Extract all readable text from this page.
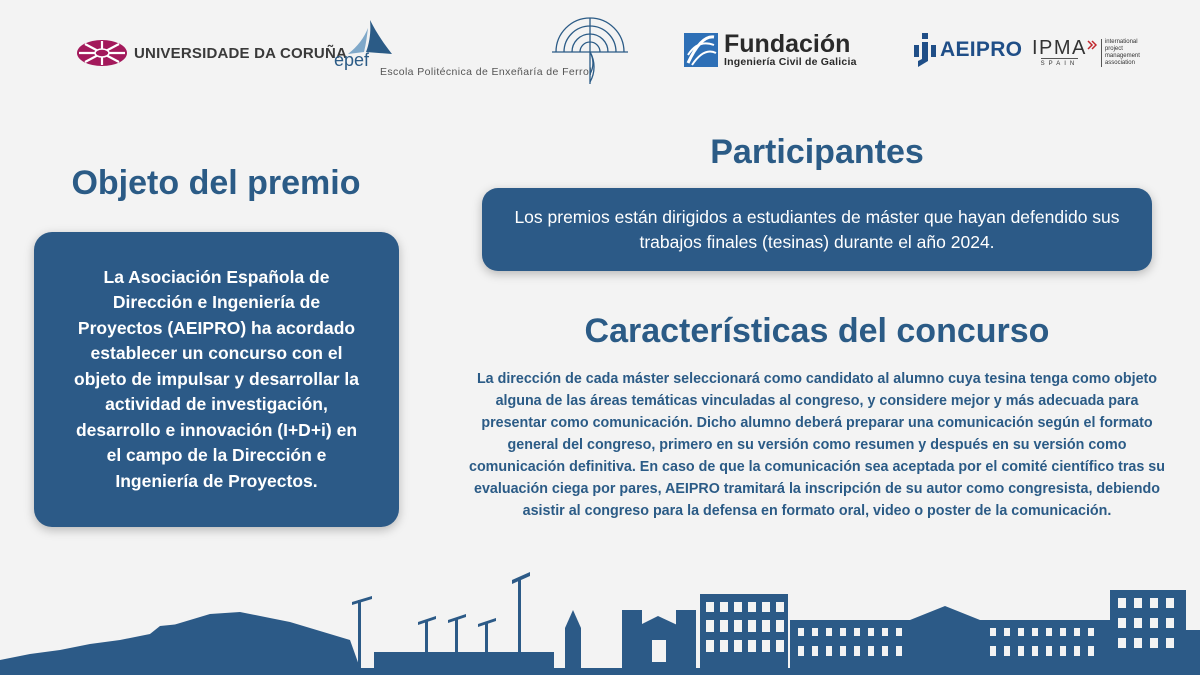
UNIVERSIDADE DA CORUÑA
epef
Escola Politécnica de Enxeñaría de Ferrol
Fundación
Ingeniería Civil de Galicia
AEIPRO IPMA
SPAIN
international project management association
Objeto del premio

La Asociación Española de Dirección e Ingeniería de Proyectos (AEIPRO) ha acordado establecer un concurso con el objeto de impulsar y desarrollar la actividad de investigación, desarrollo e innovación (I+D+i) en el campo de la Dirección e Ingeniería de Proyectos.

Participantes

Los premios están dirigidos a estudiantes de máster que hayan defendido sus trabajos finales (tesinas) durante el año 2024.

Características del concurso

La dirección de cada máster seleccionará como candidato al alumno cuya tesina tenga como objeto alguna de las áreas temáticas vinculadas al congreso, y considere mejor y más adecuada para presentar como comunicación. Dicho alumno deberá preparar una comunicación según el formato general del congreso, primero en su versión como resumen y después en su versión como comunicación definitiva. En caso de que la comunicación sea aceptada por el comité científico tras su evaluación ciega por pares, AEIPRO tramitará la inscripción de su autor como congresista, debiendo asistir al congreso para la defensa en formato oral, video o poster de la comunicación.
